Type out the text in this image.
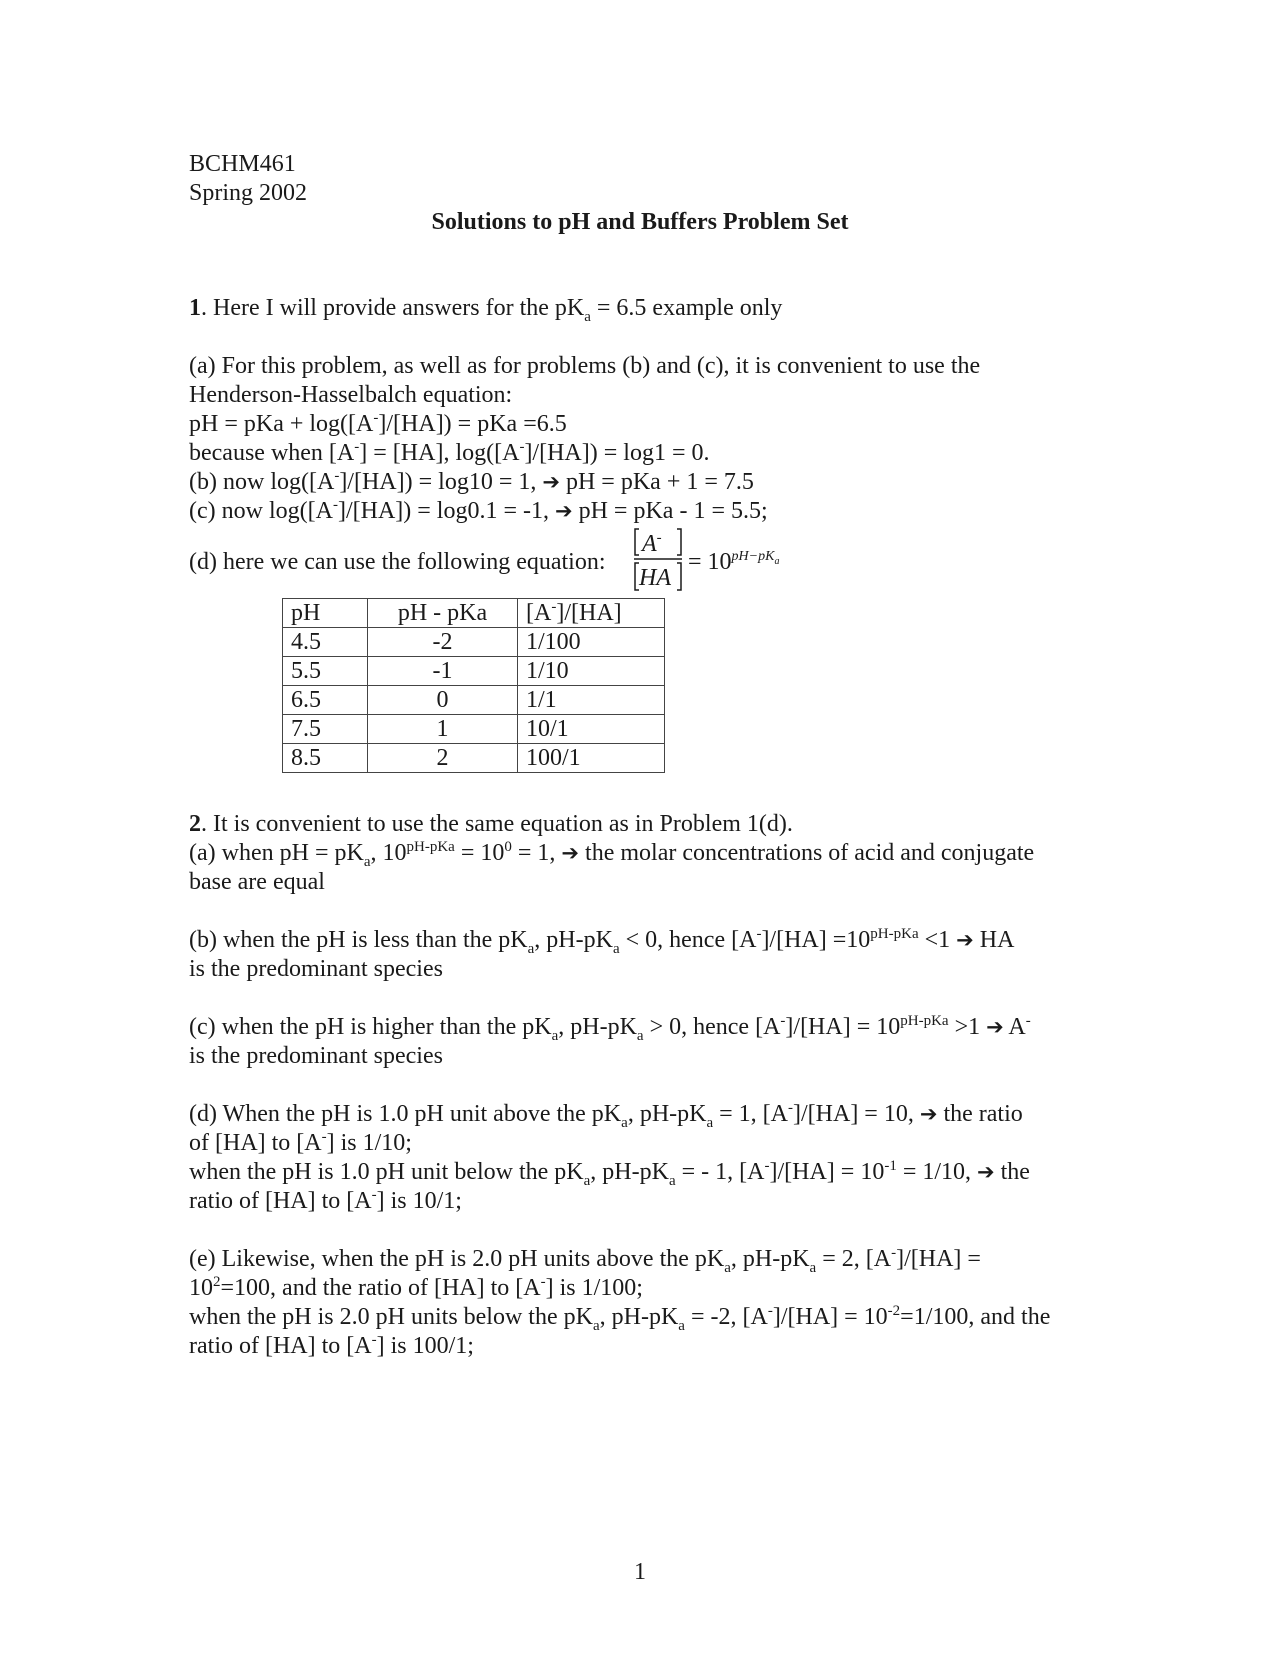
BCHM461
Spring 2002
Solutions to pH and Buffers Problem Set
1. Here I will provide answers for the $pK_a = 6.5$ example only
(a) For this problem, as well as for problems (b) and (c), it is convenient to use the
Henderson-Hasselbalch equation:
pH = pKa + log([A-]/[HA]) = pKa =6.5
because when [A-] = [HA], log([A-]/[HA]) = log1 = 0.
(b) now log([A-]/[HA]) = log10 = 1, ➔ pH = pKa + 1 = 7.5
(c) now log([A-]/[HA]) = log0.1 = -1, ➔ pH = pKa - 1 = 5.5;
(d) here we can use the following equation:
A-
HA
= $10^{pH-pK_a}$
pH	pH - pKa	[A-]/[HA]
4.5	-2	1/100
5.5	-1	1/10
6.5	0	1/1
7.5	1	10/1
8.5	2	100/1
2. It is convenient to use the same equation as in Problem 1(d).
(a) when pH = $pK_a$, $10^{pH-pKa} = 10^0 = 1$, ➔ the molar concentrations of acid and conjugate
base are equal
(b) when the pH is less than the $pK_a$, $pH-pK_a < 0$, hence $[A^-]/[HA] =10^{pH-pKa} <1$ ➔ HA
is the predominant species
(c) when the pH is higher than the $pK_a$, $pH-pK_a > 0$, hence $[A^-]/[HA] = 10^{pH-pKa} >1$ ➔ A-
is the predominant species
(d) When the pH is 1.0 pH unit above the $pK_a$, $pH-pK_a = 1$, [A-]/[HA] = 10, ➔ the ratio
of [HA] to [A-] is 1/10;
when the pH is 1.0 pH unit below the $pK_a$, $pH-pK_a$ = - 1, $[A^-]/[HA] = 10^{-1} = 1/10$, ➔ the
ratio of [HA] to [A-] is 10/1;
(e) Likewise, when the pH is 2.0 pH units above the $pK_a$, $pH-pK_a = 2$, [A-]/[HA] =
$10^2=100$, and the ratio of [HA] to [A-] is 1/100;
when the pH is 2.0 pH units below the $pK_a$, $pH-pK_a = -2$, $[A^-]/[HA] = 10^{-2}=1/100$, and the
ratio of [HA] to [A-] is 100/1;
1
